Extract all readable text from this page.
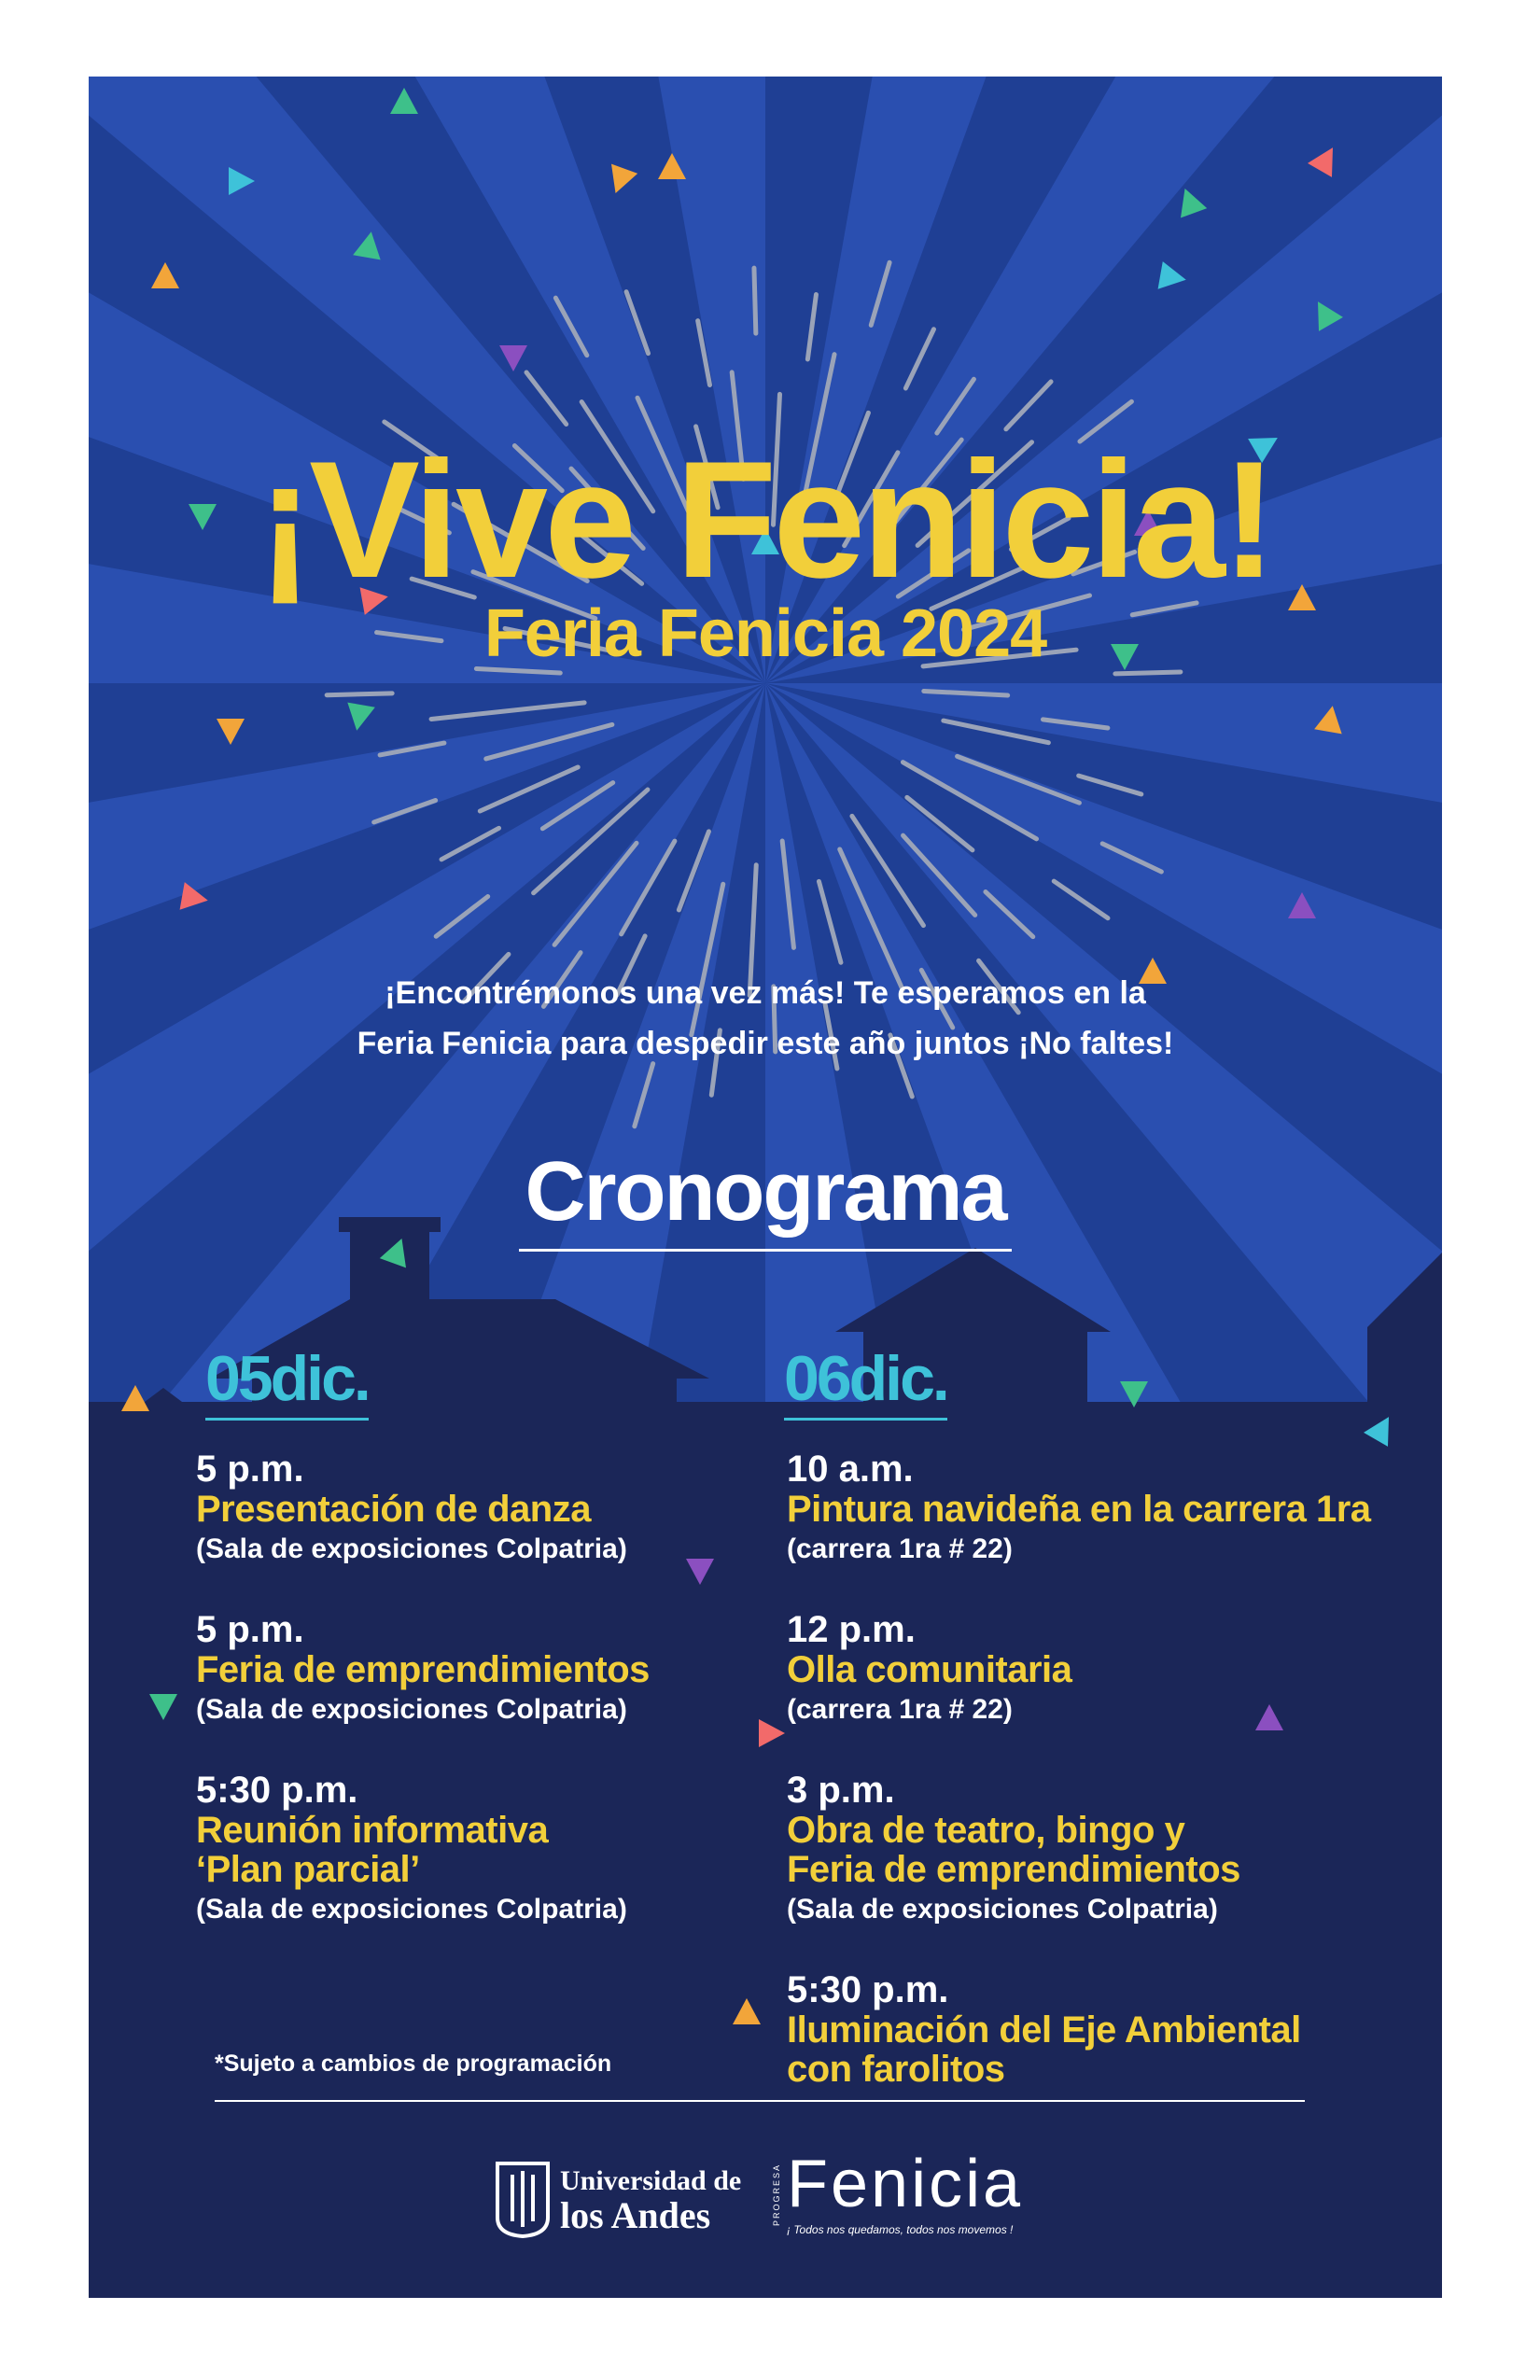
¡Vive Fenicia!
Feria Fenicia 2024
¡Encontrémonos una vez más! Te esperamos en la
Feria Fenicia para despedir este año juntos ¡No faltes!
Cronograma
05dic.	06dic.
5 p.m.
Presentación de danza
(Sala de exposiciones Colpatria)
5 p.m.
Feria de emprendimientos
(Sala de exposiciones Colpatria)
5:30 p.m.
Reunión informativa
‘Plan parcial’
(Sala de exposiciones Colpatria)
10 a.m.
Pintura navideña en la carrera 1ra
(carrera 1ra # 22)
12 p.m.
Olla comunitaria
(carrera 1ra # 22)
3 p.m.
Obra de teatro, bingo y
Feria de emprendimientos
(Sala de exposiciones Colpatria)
5:30 p.m.
Iluminación del Eje Ambiental
con farolitos
*Sujeto a cambios de programación
Universidad de
los Andes	PROGRESA Fenicia
¡ Todos nos quedamos, todos nos movemos !
